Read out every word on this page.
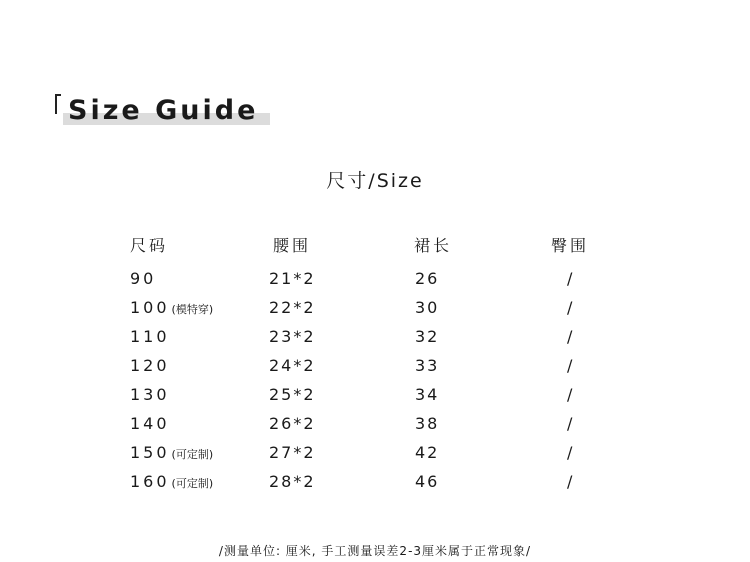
Size Guide
尺寸/Size
尺码	腰围	裙长	臀围
90	21*2	26	/
100 (模特穿)	22*2	30	/
110	23*2	32	/
120	24*2	33	/
130	25*2	34	/
140	26*2	38	/
150 (可定制)	27*2	42	/
160 (可定制)	28*2	46	/
/测量单位: 厘米, 手工测量误差2-3厘米属于正常现象/
